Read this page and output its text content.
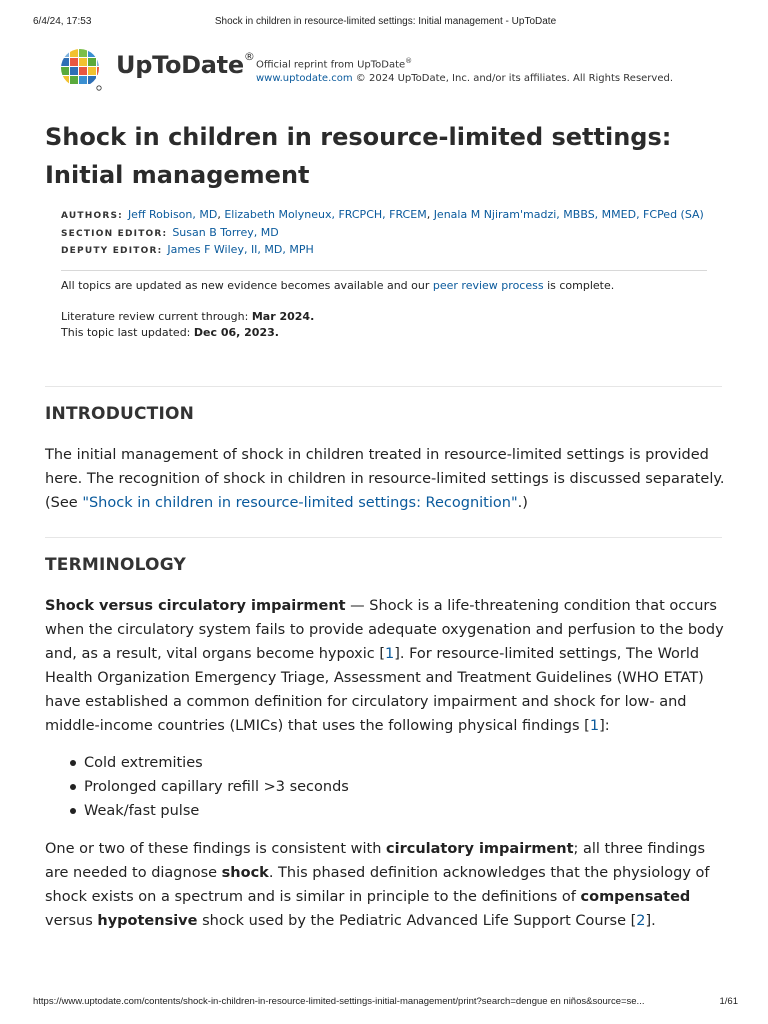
6/4/24, 17:53	Shock in children in resource-limited settings: Initial management - UpToDate
UpToDate®
Official reprint from UpToDate®
www.uptodate.com © 2024 UpToDate, Inc. and/or its affiliates. All Rights Reserved.
Shock in children in resource-limited settings: Initial management
AUTHORS: Jeff Robison, MD, Elizabeth Molyneux, FRCPCH, FRCEM, Jenala M Njiram'madzi, MBBS, MMED, FCPed (SA)
SECTION EDITOR: Susan B Torrey, MD
DEPUTY EDITOR: James F Wiley, II, MD, MPH

All topics are updated as new evidence becomes available and our peer review process is complete.

Literature review current through: Mar 2024.

This topic last updated: Dec 06, 2023.

INTRODUCTION

The initial management of shock in children treated in resource-limited settings is provided here. The recognition of shock in children in resource-limited settings is discussed separately. (See "Shock in children in resource-limited settings: Recognition".)

TERMINOLOGY

Shock versus circulatory impairment — Shock is a life-threatening condition that occurs when the circulatory system fails to provide adequate oxygenation and perfusion to the body and, as a result, vital organs become hypoxic [1]. For resource-limited settings, The World Health Organization Emergency Triage, Assessment and Treatment Guidelines (WHO ETAT) have established a common definition for circulatory impairment and shock for low- and middle-income countries (LMICs) that uses the following physical findings [1]:

Cold extremities
Prolonged capillary refill >3 seconds
Weak/fast pulse

One or two of these findings is consistent with circulatory impairment; all three findings are needed to diagnose shock. This phased definition acknowledges that the physiology of shock exists on a spectrum and is similar in principle to the definitions of compensated versus hypotensive shock used by the Pediatric Advanced Life Support Course [2].

https://www.uptodate.com/contents/shock-in-children-in-resource-limited-settings-initial-management/print?search=dengue en niños&source=se...	1/61
